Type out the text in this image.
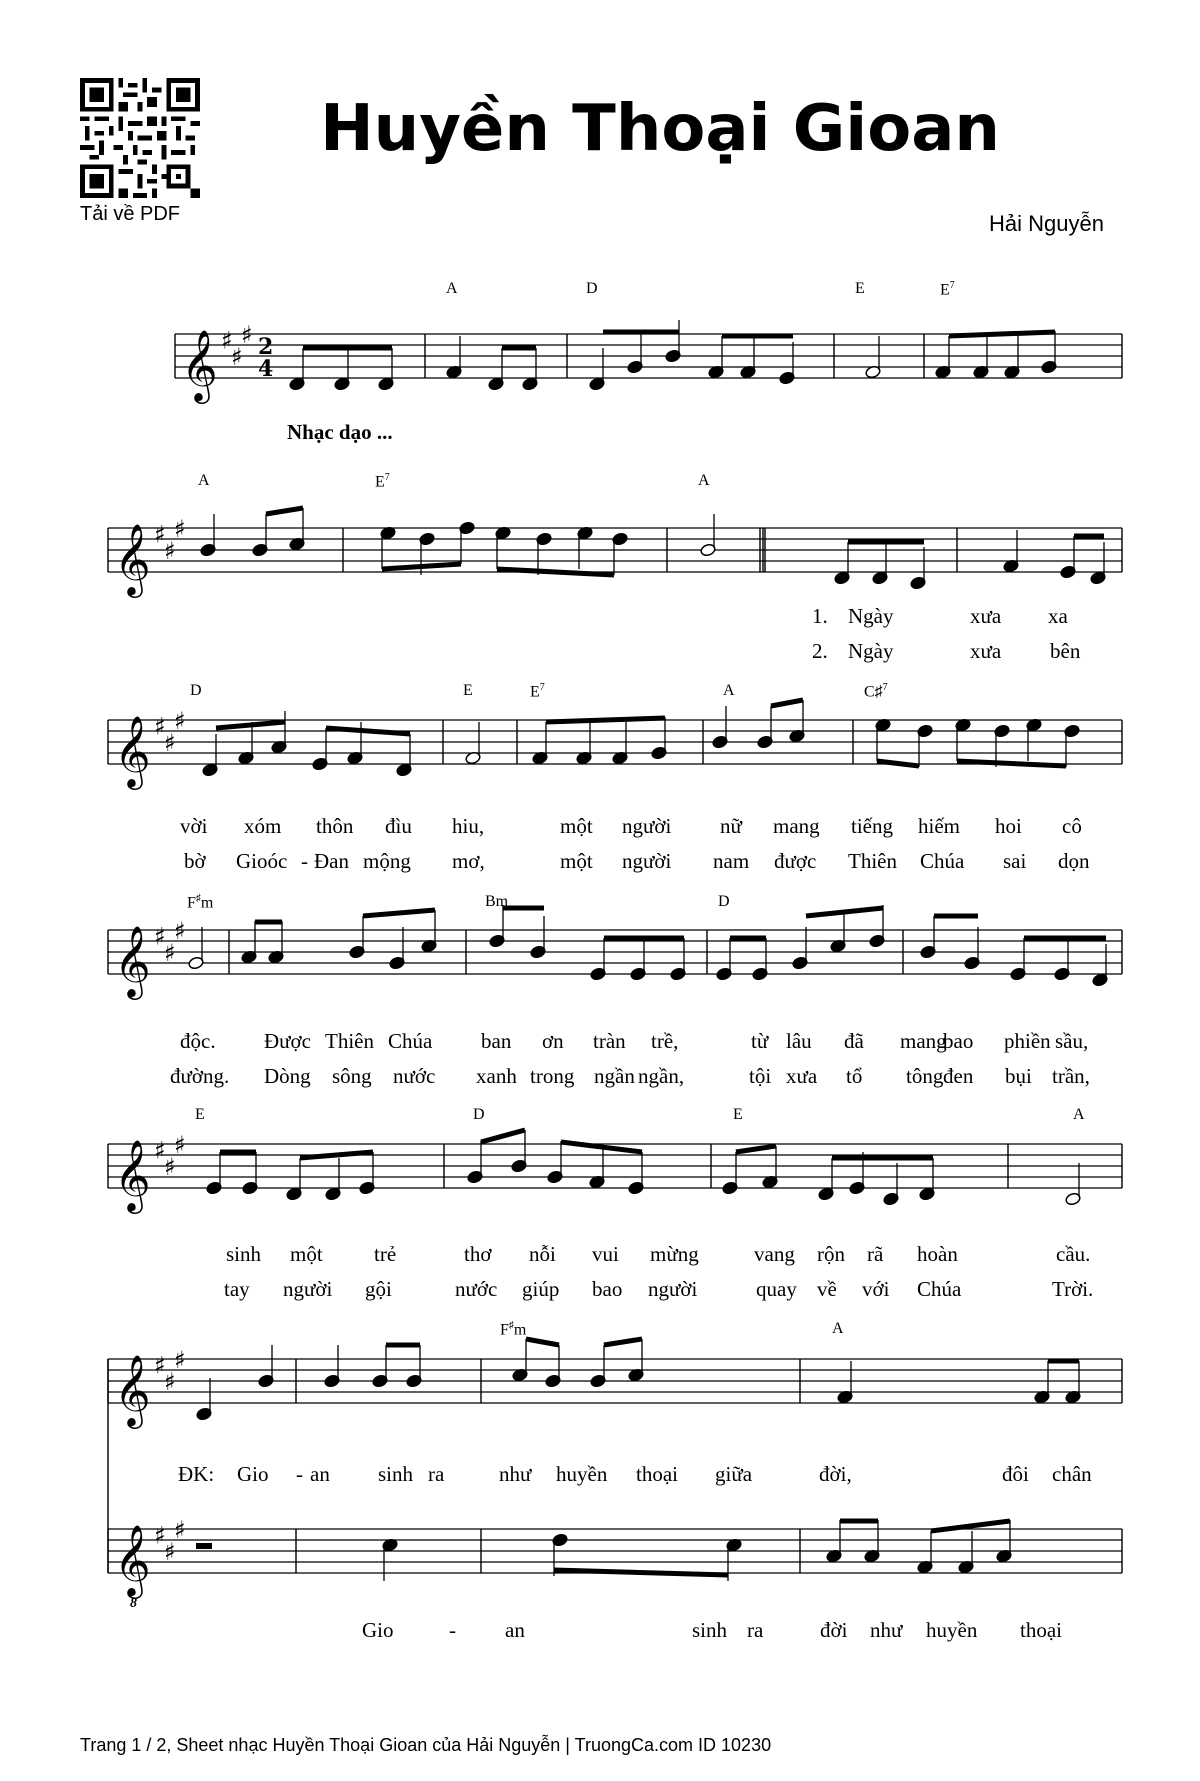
Tải về PDF
Huyền Thoại Gioan
Hải Nguyễn
𝄞 ♯
♯
♯ 2
4
𝄞 ♯
♯
♯
𝄞 ♯
♯
♯
𝄞 ♯
♯
♯
𝄞 ♯
♯
♯
𝄞 ♯
♯
♯
𝄞
8
♯
♯
♯
A	D	E	$E^7$
Nhạc dạo ...
A	$E^7$	A
1. Ngày	xưa xa
2. Ngày	xưa bên
D	E	$E^7$	A	C♯$^7$
vời xóm thôn đìu hiu,	một người nữ mang tiếng hiếm hoi cô
bờ Gioóc - Đan mộng mơ,	một người nam được Thiên Chúa sai dọn
F♯m	Bm	D
độc. Được Thiên Chúa ban ơn tràn trề,	từ lâu đã mang
bao phiền sầu,
đường. Dòng sông nước xanh trong ngần ngần,	tội xưa tổ tông đen bụi trần,
E	D	E	A
sinh một trẻ	thơ nỗi vui mừng	vang rộn rã hoàn	cầu.
tay người gội	nước giúp bao người	quay về với Chúa	Trời.
F♯m	A
ĐK: Gio - an sinh ra	như huyền thoại giữa	đời,	đôi chân
Gio	- an	sinh ra	đời như huyền thoại
Trang 1 / 2, Sheet nhạc Huyền Thoại Gioan của Hải Nguyễn | TruongCa.com ID 10230
